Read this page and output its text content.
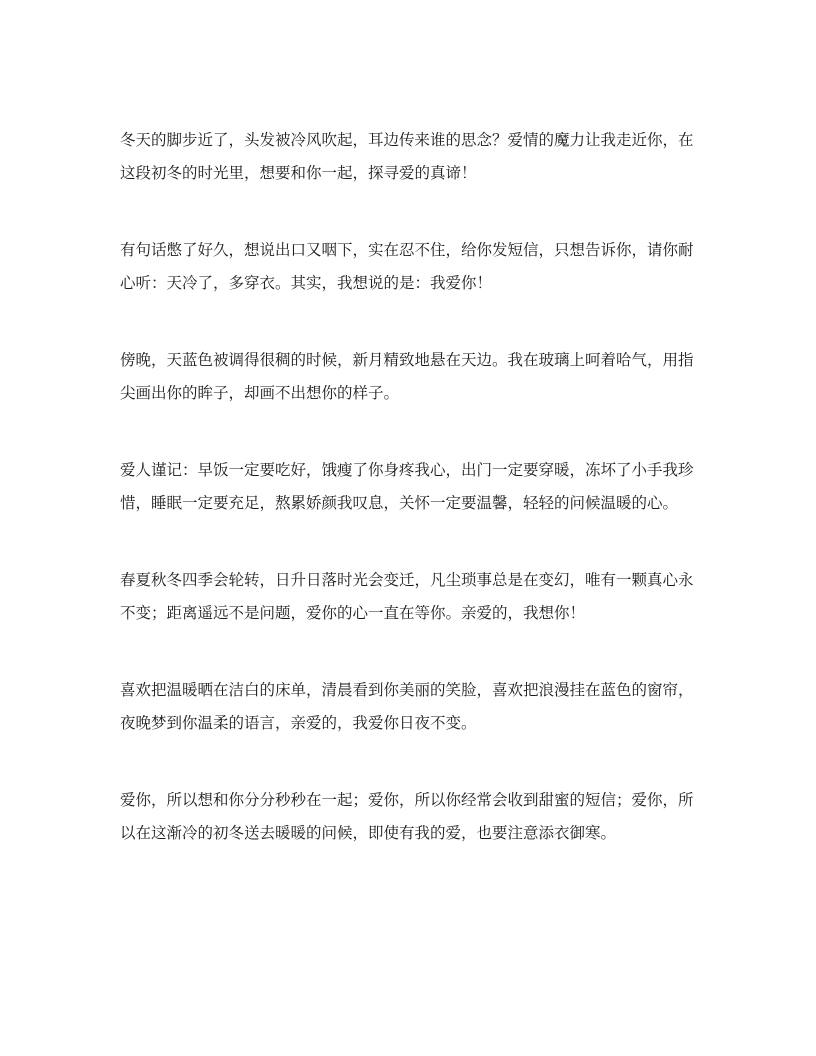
冬天的脚步近了，头发被冷风吹起，耳边传来谁的思念？爱情的魔力让我走近你，在这段初冬的时光里，想要和你一起，探寻爱的真谛！

有句话憋了好久，想说出口又咽下，实在忍不住，给你发短信，只想告诉你，请你耐心听：天冷了，多穿衣。其实，我想说的是：我爱你！

傍晚，天蓝色被调得很稠的时候，新月精致地悬在天边。我在玻璃上呵着哈气，用指尖画出你的眸子，却画不出想你的样子。

爱人谨记：早饭一定要吃好，饿瘦了你身疼我心，出门一定要穿暖，冻坏了小手我珍惜，睡眠一定要充足，熬累娇颜我叹息，关怀一定要温馨，轻轻的问候温暖的心。

春夏秋冬四季会轮转，日升日落时光会变迁，凡尘琐事总是在变幻，唯有一颗真心永不变；距离遥远不是问题，爱你的心一直在等你。亲爱的，我想你！

喜欢把温暖晒在洁白的床单，清晨看到你美丽的笑脸，喜欢把浪漫挂在蓝色的窗帘，夜晚梦到你温柔的语言，亲爱的，我爱你日夜不变。

爱你，所以想和你分分秒秒在一起；爱你，所以你经常会收到甜蜜的短信；爱你，所以在这渐冷的初冬送去暖暖的问候，即使有我的爱，也要注意添衣御寒。
